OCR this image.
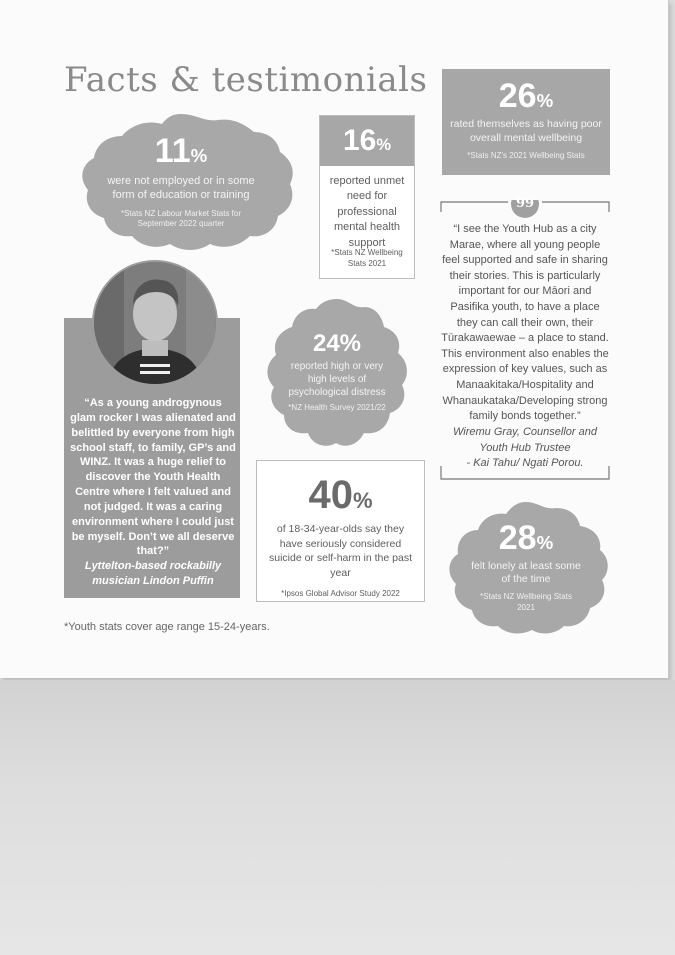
Facts & testimonials
11%
were not employed or in some form of education or training
*Stats NZ Labour Market Stats for September 2022 quarter
16%
reported unmet need for professional mental health support
*Stats NZ Wellbeing Stats 2021
26%
rated themselves as having poor overall mental wellbeing
*Stats NZ's 2021 Wellbeing Stats
“As a young androgynous glam rocker I was alienated and belittled by everyone from high school staff, to family, GP’s and WINZ. It was a huge relief to discover the Youth Health Centre where I felt valued and not judged. It was a caring environment where I could just be myself. Don’t we all deserve that?”
Lyttelton-based rockabilly musician Lindon Puffin
24%
reported high or very high levels of psychological distress
*NZ Health Survey 2021/22
40%
of 18-34-year-olds say they have seriously considered suicide or self-harm in the past year
*Ipsos Global Advisor Study 2022
99
“I see the Youth Hub as a city Marae, where all young people feel supported and safe in sharing their stories. This is particularly important for our Māori and Pasifika youth, to have a place they can call their own, their Tūrakawaewae – a place to stand. This environment also enables the expression of key values, such as Manaakitaka/Hospitality and Whanaukataka/Developing strong family bonds together.”
Wiremu Gray, Counsellor and Youth Hub Trustee
- Kai Tahu/ Ngati Porou.
28%
felt lonely at least some of the time
*Stats NZ Wellbeing Stats 2021
*Youth stats cover age range 15-24-years.
